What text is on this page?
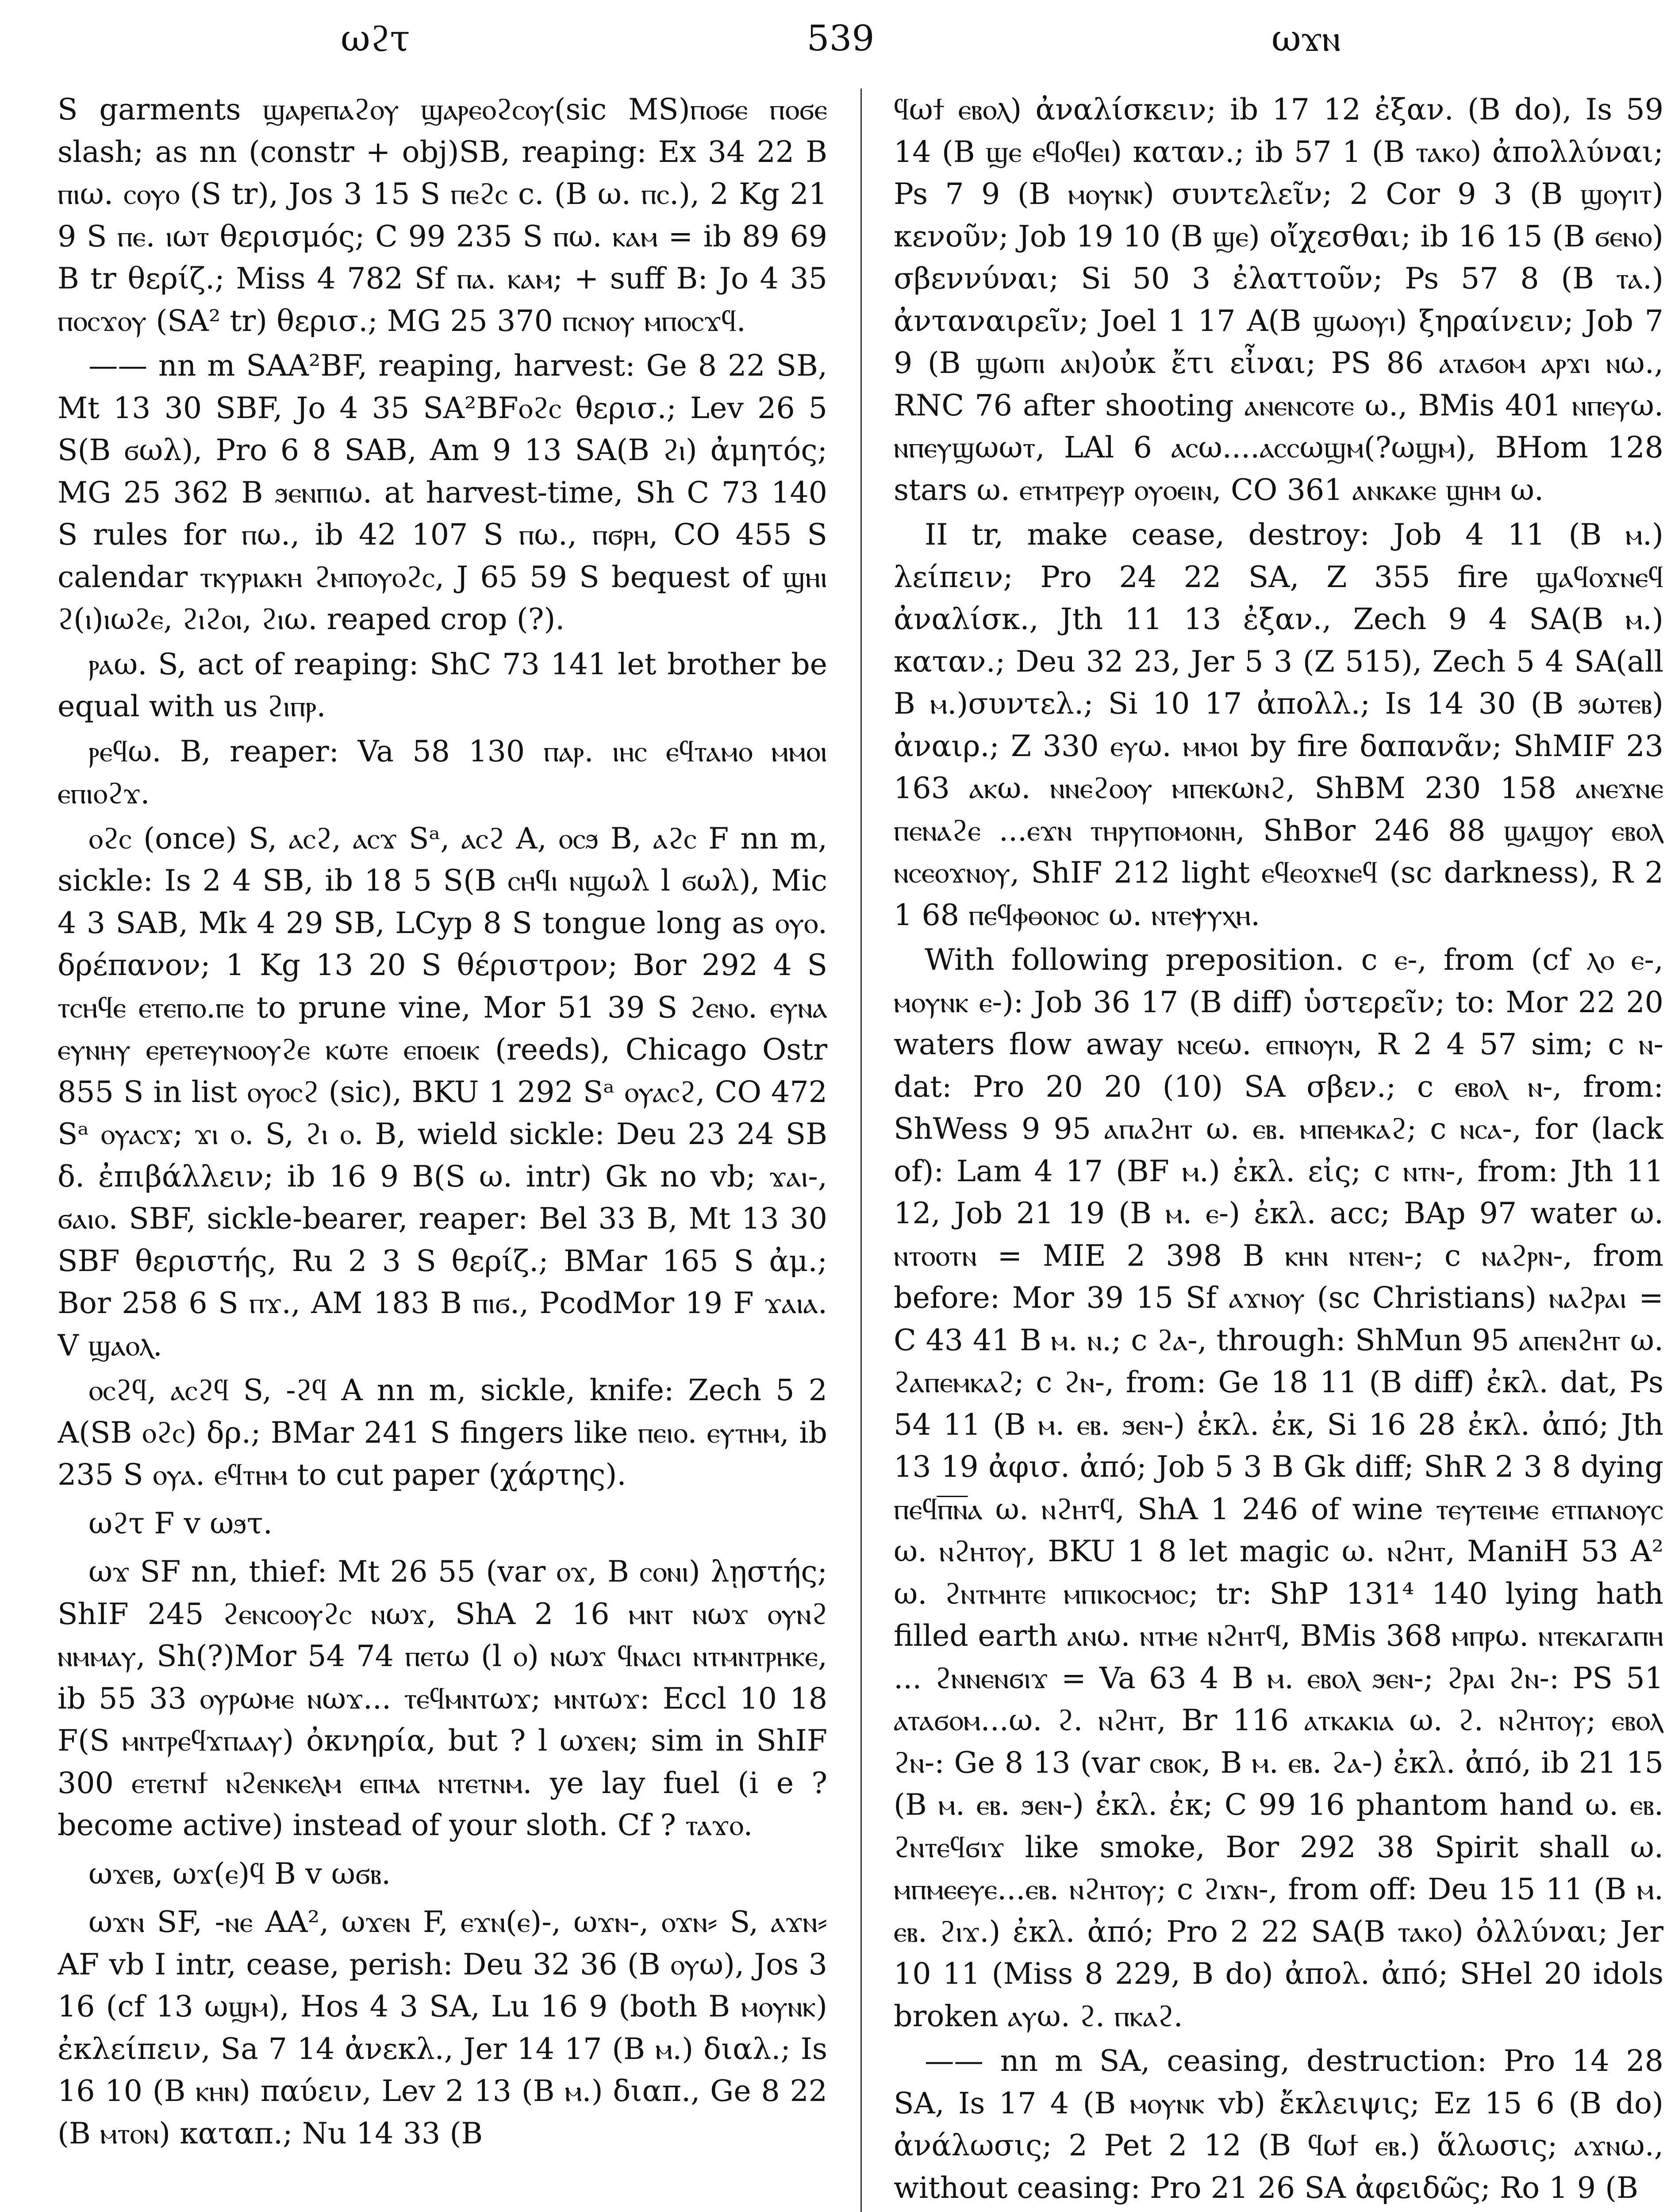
ωϩτ	539	ωϫⲛ

S garments ϣⲁⲣⲉⲡⲁϩⲟⲩ ϣⲁⲣⲉⲟϩⲥⲟⲩ(sic MS)ⲡⲟϭⲉ ⲡⲟϭⲉ slash; as nn (constr + obj)SB, reaping: Ex 34 22 B ⲡⲓω. ⲥⲟⲩⲟ (S tr), Jos 3 15 S ⲡⲉϩⲥ c. (B ω. ⲡⲥ.), 2 Kg 21 9 S ⲡⲉ. ⲓωⲧ θερισμός; C 99 235 S ⲡω. ⲕⲁⲙ = ib 89 69 B tr θερίζ.; Miss 4 782 Sf ⲡⲁ. ⲕⲁⲙ; + suff B: Jo 4 35 ⲡⲟⲥϫⲟⲩ (SA² tr) θερισ.; MG 25 370 ⲡⲥⲛⲟⲩ ⲙⲡⲟⲥϫϥ.

—— nn m SAA²BF, reaping, harvest: Ge 8 22 SB, Mt 13 30 SBF, Jo 4 35 SA²BFⲟϩⲥ θερισ.; Lev 26 5 S(B ϭωλ), Pro 6 8 SAB, Am 9 13 SA(B ϩⲓ) ἀμητός; MG 25 362 B ϧⲉⲛⲡⲓω. at harvest-time, Sh C 73 140 S rules for ⲡω., ib 42 107 S ⲡω., ⲡϭⲣⲏ, CO 455 S calendar ⲧⲕⲩⲣⲓⲁⲕⲏ ϩⲙⲡⲟⲩⲟϩⲥ, J 65 59 S bequest of ϣⲏⲓ ϩ(ⲓ)ⲓωϩⲉ, ϩⲓϩⲟⲓ, ϩⲓω. reaped crop (?).

ⲣⲁω. S, act of reaping: ShC 73 141 let brother be equal with us ϩⲓⲡⲣ.

ⲣⲉϥω. B, reaper: Va 58 130 ⲡⲁⲣ. ⲓⲏⲥ ⲉϥⲧⲁⲙⲟ ⲙⲙⲟⲓ ⲉⲡⲓⲟϩϫ.

ⲟϩⲥ (once) S, ⲁⲥϩ, ⲁⲥϫ Sᵃ, ⲁⲥϩ A, ⲟⲥϧ B, ⲁϩⲥ F nn m, sickle: Is 2 4 SB, ib 18 5 S(B ⲥⲏϥⲓ ⲛϣωλ l ϭωλ), Mic 4 3 SAB, Mk 4 29 SB, LCyp 8 S tongue long as ⲟⲩⲟ. δρέπανον; 1 Kg 13 20 S θέριστρον; Bor 292 4 S ⲧⲥⲏϥⲉ ⲉⲧⲉⲡⲟ.ⲡⲉ to prune vine, Mor 51 39 S ϩⲉⲛⲟ. ⲉⲩⲛⲁ ⲉⲩⲛⲏⲩ ⲉⲣⲉⲧⲉⲩⲛⲟⲟⲩϩⲉ ⲕωⲧⲉ ⲉⲡⲟⲉⲓⲕ (reeds), Chicago Ostr 855 S in list ⲟⲩⲟⲥϩ (sic), BKU 1 292 Sᵃ ⲟⲩⲁⲥϩ, CO 472 Sᵃ ⲟⲩⲁⲥϫ; ϫⲓ ⲟ. S, ϩⲓ ⲟ. B, wield sickle: Deu 23 24 SB δ. ἐπιβάλλειν; ib 16 9 B(S ω. intr) Gk no vb; ϫⲁⲓ-, ϭⲁⲓⲟ. SBF, sickle-bearer, reaper: Bel 33 B, Mt 13 30 SBF θεριστής, Ru 2 3 S θερίζ.; BMar 165 S ἀμ.; Bor 258 6 S ⲡϫ., AM 183 B ⲡⲓϭ., PcodMor 19 F ϫⲁⲓⲁ. V ϣⲁⲟⲗ.

ⲟⲥϩϥ, ⲁⲥϩϥ S, -ϩϥ A nn m, sickle, knife: Zech 5 2 A(SB ⲟϩⲥ) δρ.; BMar 241 S fingers like ⲡⲉⲓⲟ. ⲉⲩⲧⲏⲙ, ib 235 S ⲟⲩⲁ. ⲉϥⲧⲏⲙ to cut paper (χάρτης).

ωϩτ F v ωϧτ.

ωϫ SF nn, thief: Mt 26 55 (var ⲟϫ, B ⲥⲟⲛⲓ) λῃστής; ShIF 245 ϩⲉⲛⲥⲟⲟⲩϩⲥ ⲛωϫ, ShA 2 16 ⲙⲛⲧ ⲛωϫ ⲟⲩⲛϩ ⲛⲙⲙⲁⲩ, Sh(?)Mor 54 74 ⲡⲉⲧω (l ⲟ) ⲛωϫ ϥⲛⲁⲥⲓ ⲛⲧⲙⲛⲧⲣⲏⲕⲉ, ib 55 33 ⲟⲩⲣωⲙⲉ ⲛωϫ... ⲧⲉϥⲙⲛⲧωϫ; ⲙⲛⲧωϫ: Eccl 10 18 F(S ⲙⲛⲧⲣⲉϥϫⲡⲁⲁⲩ) ὀκνηρία, but ? l ωϫⲉⲛ; sim in ShIF 300 ⲉⲧⲉⲧⲛϯ ⲛϩⲉⲛⲕⲉⲗⲙ ⲉⲡⲙⲁ ⲛⲧⲉⲧⲛⲙ. ye lay fuel (i e ? become active) instead of your sloth. Cf ? ⲧⲁϫⲟ.

ωϫⲉⲃ, ωϫ(ⲉ)ϥ B v ωϭⲃ.

ωϫⲛ SF, -ⲛⲉ AA², ωϫⲉⲛ F, ⲉϫⲛ(ⲉ)-, ωϫⲛ-, ⲟϫⲛ⸗ S, ⲁϫⲛ⸗ AF vb I intr, cease, perish: Deu 32 36 (B ⲟⲩω), Jos 3 16 (cf 13 ωϣⲙ), Hos 4 3 SA, Lu 16 9 (both B ⲙⲟⲩⲛⲕ) ἐκλείπειν, Sa 7 14 ἀνεκλ., Jer 14 17 (B ⲙ.) διαλ.; Is 16 10 (B ⲕⲏⲛ) παύειν, Lev 2 13 (B ⲙ.) διαπ., Ge 8 22 (B ⲙⲧⲟⲛ) καταπ.; Nu 14 33 (B

ϥωϯ ⲉⲃⲟⲗ) ἀναλίσκειν; ib 17 12 ἐξαν. (B do), Is 59 14 (B ϣⲉ ⲉϥⲟϥⲉⲓ) καταν.; ib 57 1 (B ⲧⲁⲕⲟ) ἀπολλύναι; Ps 7 9 (B ⲙⲟⲩⲛⲕ) συντελεῖν; 2 Cor 9 3 (B ϣⲟⲩⲓⲧ) κενοῦν; Job 19 10 (B ϣⲉ) οἴχεσθαι; ib 16 15 (B ϭⲉⲛⲟ) σβεννύναι; Si 50 3 ἐλαττοῦν; Ps 57 8 (B ⲧⲁ.) ἀνταναιρεῖν; Joel 1 17 A(B ϣωⲟⲩⲓ) ξηραίνειν; Job 7 9 (B ϣωⲡⲓ ⲁⲛ)οὐκ ἔτι εἶναι; PS 86 ⲁⲧⲁϭⲟⲙ ⲁⲣϫⲓ ⲛω., RNC 76 after shooting ⲁⲛⲉⲛⲥⲟⲧⲉ ω., BMis 401 ⲛⲡⲉⲩω. ⲛⲡⲉⲩϣωωⲧ, LAl 6 ⲁⲥω....ⲁⲥⲥωϣⲙ(?ωϣⲙ), BHom 128 stars ω. ⲉⲧⲙⲧⲣⲉⲩⲣ ⲟⲩⲟⲉⲓⲛ, CO 361 ⲁⲛⲕⲁⲕⲉ ϣⲏⲙ ω.

II tr, make cease, destroy: Job 4 11 (B ⲙ.) λείπειν; Pro 24 22 SA, Z 355 fire ϣⲁϥⲟϫⲛⲉϥ ἀναλίσκ., Jth 11 13 ἐξαν., Zech 9 4 SA(B ⲙ.) καταν.; Deu 32 23, Jer 5 3 (Z 515), Zech 5 4 SA(all B ⲙ.)συντελ.; Si 10 17 ἀπολλ.; Is 14 30 (B ϧωⲧⲉⲃ) ἀναιρ.; Z 330 ⲉⲩω. ⲙⲙⲟⲓ by fire δαπανᾶν; ShMIF 23 163 ⲁⲕω. ⲛⲛⲉϩⲟⲟⲩ ⲙⲡⲉⲕωⲛϩ, ShBM 230 158 ⲁⲛⲉϫⲛⲉ ⲡⲉⲛⲁϩⲉ ...ⲉϫⲛ ⲧⲏⲣⲩⲡⲟⲙⲟⲛⲏ, ShBor 246 88 ϣⲁϣⲟⲩ ⲉⲃⲟⲗ ⲛⲥⲉⲟϫⲛⲟⲩ, ShIF 212 light ⲉϥⲉⲟϫⲛⲉϥ (sc darkness), R 2 1 68 ⲡⲉϥⲫⲑⲟⲛⲟⲥ ω. ⲛⲧⲉⲯⲩⲭⲏ.

With following preposition. c ⲉ-, from (cf ⲗⲟ ⲉ-, ⲙⲟⲩⲛⲕ ⲉ-): Job 36 17 (B diff) ὑστερεῖν; to: Mor 22 20 waters flow away ⲛⲥⲉω. ⲉⲡⲛⲟⲩⲛ, R 2 4 57 sim; c ⲛ- dat: Pro 20 20 (10) SA σβεν.; c ⲉⲃⲟⲗ ⲛ-, from: ShWess 9 95 ⲁⲡⲁϩⲏⲧ ω. ⲉⲃ. ⲙⲡⲉⲙⲕⲁϩ; c ⲛⲥⲁ-, for (lack of): Lam 4 17 (BF ⲙ.) ἐκλ. εἰς; c ⲛⲧⲛ-, from: Jth 11 12, Job 21 19 (B ⲙ. ⲉ-) ἐκλ. acc; BAp 97 water ω. ⲛⲧⲟⲟⲧⲛ = MIE 2 398 B ⲕⲏⲛ ⲛⲧⲉⲛ-; c ⲛⲁϩⲣⲛ-, from before: Mor 39 15 Sf ⲁϫⲛⲟⲩ (sc Christians) ⲛⲁϩⲣⲁⲓ = C 43 41 B ⲙ. ⲛ.; c ϩⲁ-, through: ShMun 95 ⲁⲡⲉⲛϩⲏⲧ ω. ϩⲁⲡⲉⲙⲕⲁϩ; c ϩⲛ-, from: Ge 18 11 (B diff) ἐκλ. dat, Ps 54 11 (B ⲙ. ⲉⲃ. ϧⲉⲛ-) ἐκλ. ἐκ, Si 16 28 ἐκλ. ἀπό; Jth 13 19 ἀφισ. ἀπό; Job 5 3 B Gk diff; ShR 2 3 8 dying ⲡⲉϥⲡ̅ⲛ̅ⲁ ω. ⲛϩⲏⲧϥ, ShA 1 246 of wine ⲧⲉⲩⲧⲉⲓⲙⲉ ⲉⲧⲡⲁⲛⲟⲩⲥ ω. ⲛϩⲏⲧⲟⲩ, BKU 1 8 let magic ω. ⲛϩⲏⲧ, ManiH 53 A² ω. ϩⲛⲧⲙⲏⲧⲉ ⲙⲡⲓⲕⲟⲥⲙⲟⲥ; tr: ShP 131⁴ 140 lying hath filled earth ⲁⲛω. ⲛⲧⲙⲉ ⲛϩⲏⲧϥ, BMis 368 ⲙⲡⲣω. ⲛⲧⲉⲕⲁⲅⲁⲡⲏ ... ϩⲛⲛⲉⲛϭⲓϫ = Va 63 4 B ⲙ. ⲉⲃⲟⲗ ϧⲉⲛ-; ϩⲣⲁⲓ ϩⲛ-: PS 51 ⲁⲧⲁϭⲟⲙ...ω. ϩ. ⲛϩⲏⲧ, Br 116 ⲁⲧⲕⲁⲕⲓⲁ ω. ϩ. ⲛϩⲏⲧⲟⲩ; ⲉⲃⲟⲗ ϩⲛ-: Ge 8 13 (var ⲥⲃⲟⲕ, B ⲙ. ⲉⲃ. ϩⲁ-) ἐκλ. ἀπό, ib 21 15 (B ⲙ. ⲉⲃ. ϧⲉⲛ-) ἐκλ. ἐκ; C 99 16 phantom hand ω. ⲉⲃ. ϩⲛⲧⲉϥϭⲓϫ like smoke, Bor 292 38 Spirit shall ω. ⲙⲡⲙⲉⲉⲩⲉ...ⲉⲃ. ⲛϩⲏⲧⲟⲩ; c ϩⲓϫⲛ-, from off: Deu 15 11 (B ⲙ. ⲉⲃ. ϩⲓϫ.) ἐκλ. ἀπό; Pro 2 22 SA(B ⲧⲁⲕⲟ) ὀλλύναι; Jer 10 11 (Miss 8 229, B do) ἀπολ. ἀπό; SHel 20 idols broken ⲁⲩω. ϩ. ⲡⲕⲁϩ.

—— nn m SA, ceasing, destruction: Pro 14 28 SA, Is 17 4 (B ⲙⲟⲩⲛⲕ vb) ἔκλειψις; Ez 15 6 (B do) ἀνάλωσις; 2 Pet 2 12 (B ϥωϯ ⲉⲃ.) ἅλωσις; ⲁϫⲛω., without ceasing: Pro 21 26 SA ἀφειδῶς; Ro 1 9 (B
